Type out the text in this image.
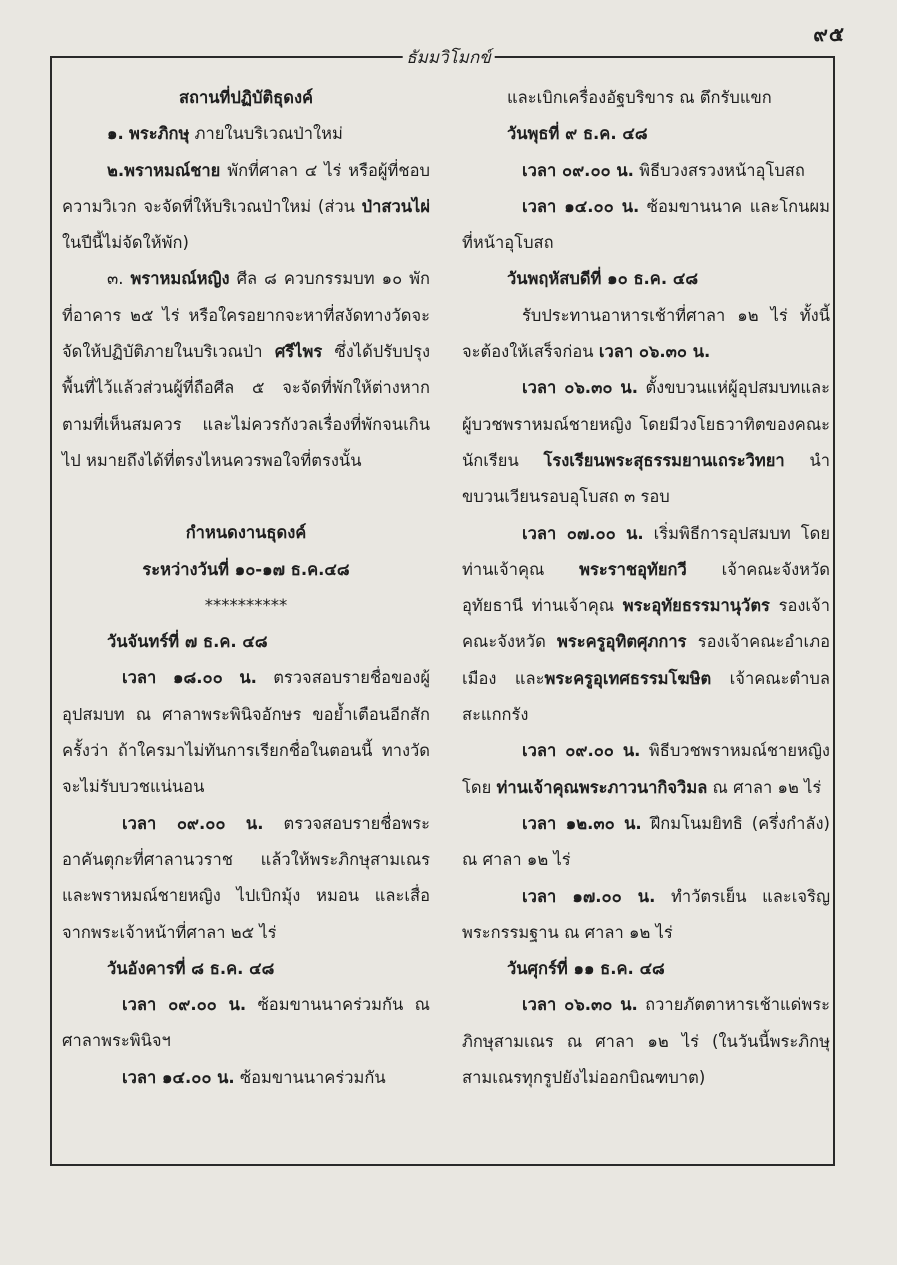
๙๕
ธัมมวิโมกข์

สถานที่ปฏิบัติธุดงค์

๑. พระภิกษุ ภายในบริเวณป่าใหม่

๒.พราหมณ์ชาย พักที่ศาลา ๔ ไร่ หรือผู้ที่ชอบความวิเวก จะจัดที่ให้บริเวณป่าใหม่ (ส่วน ป่าสวนไผ่ ในปีนี้ไม่จัดให้พัก)

๓. พราหมณ์หญิง ศีล ๘ ควบกรรมบท ๑๐ พักที่อาคาร ๒๕ ไร่ หรือใครอยากจะหาที่สงัดทางวัดจะจัดให้ปฏิบัติภายในบริเวณป่า ศรีไพร ซึ่งได้ปรับปรุงพื้นที่ไว้แล้วส่วนผู้ที่ถือศีล ๕ จะจัดที่พักให้ต่างหากตามที่เห็นสมควร และไม่ควรกังวลเรื่องที่พักจนเกินไป หมายถึงได้ที่ตรงไหนควรพอใจที่ตรงนั้น

กำหนดงานธุดงค์

ระหว่างวันที่ ๑๐-๑๗ ธ.ค.๔๘

**********

วันจันทร์ที่ ๗ ธ.ค. ๔๘

เวลา ๑๘.๐๐ น. ตรวจสอบรายชื่อของผู้อุปสมบท ณ ศาลาพระพินิจอักษร ขอย้ำเตือนอีกสักครั้งว่า ถ้าใครมาไม่ทันการเรียกชื่อในตอนนี้ ทางวัดจะไม่รับบวชแน่นอน

เวลา ๐๙.๐๐ น. ตรวจสอบรายชื่อพระอาคันตุกะที่ศาลานวราช แล้วให้พระภิกษุสามเณร และพราหมณ์ชายหญิง ไปเบิกมุ้ง หมอน และเสื่อ จากพระเจ้าหน้าที่ศาลา ๒๕ ไร่

วันอังคารที่ ๘ ธ.ค. ๔๘

เวลา ๐๙.๐๐ น. ซ้อมขานนาคร่วมกัน ณ ศาลาพระพินิจฯ

เวลา ๑๔.๐๐ น. ซ้อมขานนาคร่วมกัน

และเบิกเครื่องอัฐบริขาร ณ ตึกรับแขก

วันพุธที่ ๙ ธ.ค. ๔๘

เวลา ๐๙.๐๐ น. พิธีบวงสรวงหน้าอุโบสถ

เวลา ๑๔.๐๐ น. ซ้อมขานนาค และโกนผมที่หน้าอุโบสถ

วันพฤหัสบดีที่ ๑๐ ธ.ค. ๔๘

รับประทานอาหารเช้าที่ศาลา ๑๒ ไร่ ทั้งนี้ จะต้องให้เสร็จก่อน เวลา ๐๖.๓๐ น.

เวลา ๐๖.๓๐ น. ตั้งขบวนแห่ผู้อุปสมบทและผู้บวชพราหมณ์ชายหญิง โดยมีวงโยธวาทิตของคณะนักเรียน โรงเรียนพระสุธรรมยานเถระวิทยา นำขบวนเวียนรอบอุโบสถ ๓ รอบ

เวลา ๐๗.๐๐ น. เริ่มพิธีการอุปสมบท โดยท่านเจ้าคุณ พระราชอุทัยกวี เจ้าคณะจังหวัดอุทัยธานี ท่านเจ้าคุณ พระอุทัยธรรมานุวัตร รองเจ้าคณะจังหวัด พระครูอุทิตศุภการ รองเจ้าคณะอำเภอเมือง และพระครูอุเทศธรรมโฆษิต เจ้าคณะตำบลสะแกกรัง

เวลา ๐๙.๐๐ น. พิธีบวชพราหมณ์ชายหญิงโดย ท่านเจ้าคุณพระภาวนากิจวิมล ณ ศาลา ๑๒ ไร่

เวลา ๑๒.๓๐ น. ฝึกมโนมยิทธิ (ครึ่งกำลัง) ณ ศาลา ๑๒ ไร่

เวลา ๑๗.๐๐ น. ทำวัตรเย็น และเจริญพระกรรมฐาน ณ ศาลา ๑๒ ไร่

วันศุกร์ที่ ๑๑ ธ.ค. ๔๘

เวลา ๐๖.๓๐ น. ถวายภัตตาหารเช้าแด่พระภิกษุสามเณร ณ ศาลา ๑๒ ไร่ (ในวันนี้พระภิกษุสามเณรทุกรูปยังไม่ออกบิณฑบาต)
